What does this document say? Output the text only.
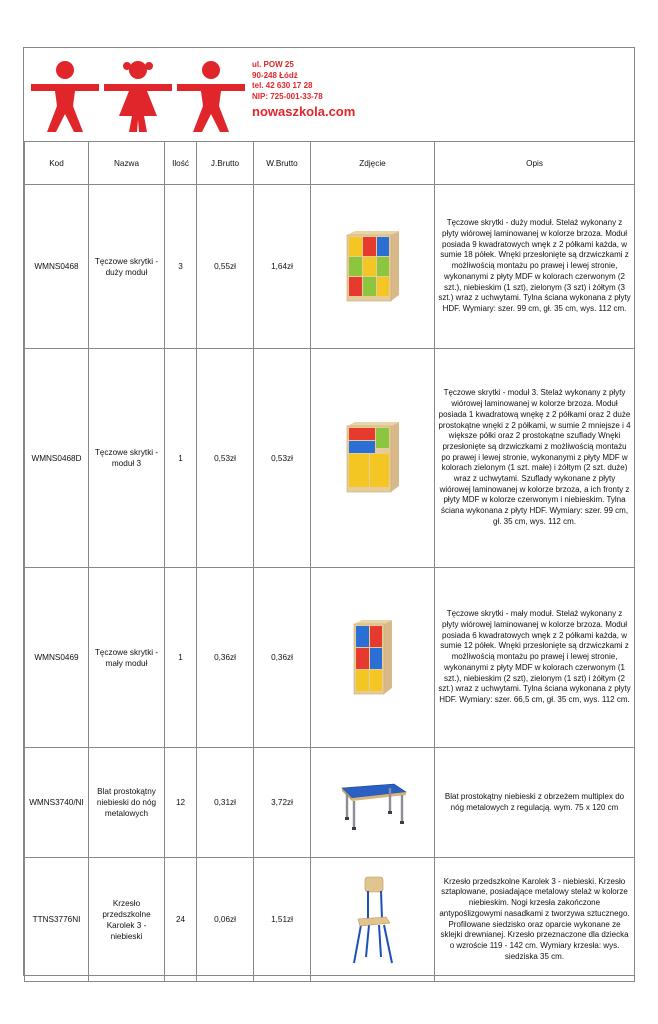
ul. POW 25
90-248 Łódź
tel. 42 630 17 28
NIP: 725-001-33-78
nowaszkola.com
Kod	Nazwa	Ilość	J.Brutto	W.Brutto	Zdjęcie	Opis
WMNS0468	Tęczowe skrytki - duży moduł	3	0,55zł	1,64zł		Tęczowe skrytki - duży moduł. Stelaż wykonany z płyty wiórowej laminowanej w kolorze brzoza. Moduł posiada 9 kwadratowych wnęk z 2 półkami każda, w sumie 18 półek. Wnęki przesłonięte są drzwiczkami z możliwością montażu po prawej i lewej stronie, wykonanymi z płyty MDF w kolorach czerwonym (2 szt.), niebieskim (1 szt), zielonym (3 szt) i żółtym (3 szt.) wraz z uchwytami. Tylna ściana wykonana z płyty HDF. Wymiary: szer. 99 cm, gł. 35 cm, wys. 112 cm.
WMNS0468D	Tęczowe skrytki - moduł 3	1	0,53zł	0,53zł		Tęczowe skrytki - moduł 3. Stelaż wykonany z płyty wiórowej laminowanej w kolorze brzoza. Moduł posiada 1 kwadratową wnękę z 2 półkami oraz 2 duże prostokątne wnęki z 2 półkami, w sumie 2 mniejsze i 4 większe półki oraz 2 prostokątne szuflady Wnęki przesłonięte są drzwiczkami z możliwością montażu po prawej i lewej stronie, wykonanymi z płyty MDF w kolorach zielonym (1 szt. małe) i żółtym (2 szt. duże) wraz z uchwytami. Szuflady wykonane z płyty wiórowej laminowanej w kolorze brzoza, a ich fronty z płyty MDF w kolorze czerwonym i niebieskim. Tylna ściana wykonana z płyty HDF. Wymiary: szer. 99 cm, gł. 35 cm, wys. 112 cm.
WMNS0469	Tęczowe skrytki - mały moduł	1	0,36zł	0,36zł		Tęczowe skrytki - mały moduł. Stelaż wykonany z płyty wiórowej laminowanej w kolorze brzoza. Moduł posiada 6 kwadratowych wnęk z 2 półkami każda, w sumie 12 półek. Wnęki przesłonięte są drzwiczkami z możliwością montażu po prawej i lewej stronie, wykonanymi z płyty MDF w kolorach czerwonym (1 szt.), niebieskim (2 szt), zielonym (1 szt) i żółtym (2 szt.) wraz z uchwytami. Tylna ściana wykonana z płyty HDF. Wymiary: szer. 66,5 cm, gł. 35 cm, wys. 112 cm.
WMNS3740/NI	Blat prostokątny niebieski do nóg metalowych	12	0,31zł	3,72zł		Blat prostokątny niebieski z obrzeżem multiplex do nóg metalowych z regulacją. wym. 75 x 120 cm
TTNS3776NI	Krzesło przedszkolne Karolek 3 - niebieski	24	0,06zł	1,51zł		Krzesło przedszkolne Karolek 3 - niebieski. Krzesło sztaplowane, posiadające metalowy stelaż w kolorze niebieskim. Nogi krzesła zakończone antypoślizgowymi nasadkami z tworzywa sztucznego. Profilowane siedzisko oraz oparcie wykonane ze sklejki drewnianej. Krzesło przeznaczone dla dziecka o wzroście 119 - 142 cm. Wymiary krzesła: wys. siedziska 35 cm.
